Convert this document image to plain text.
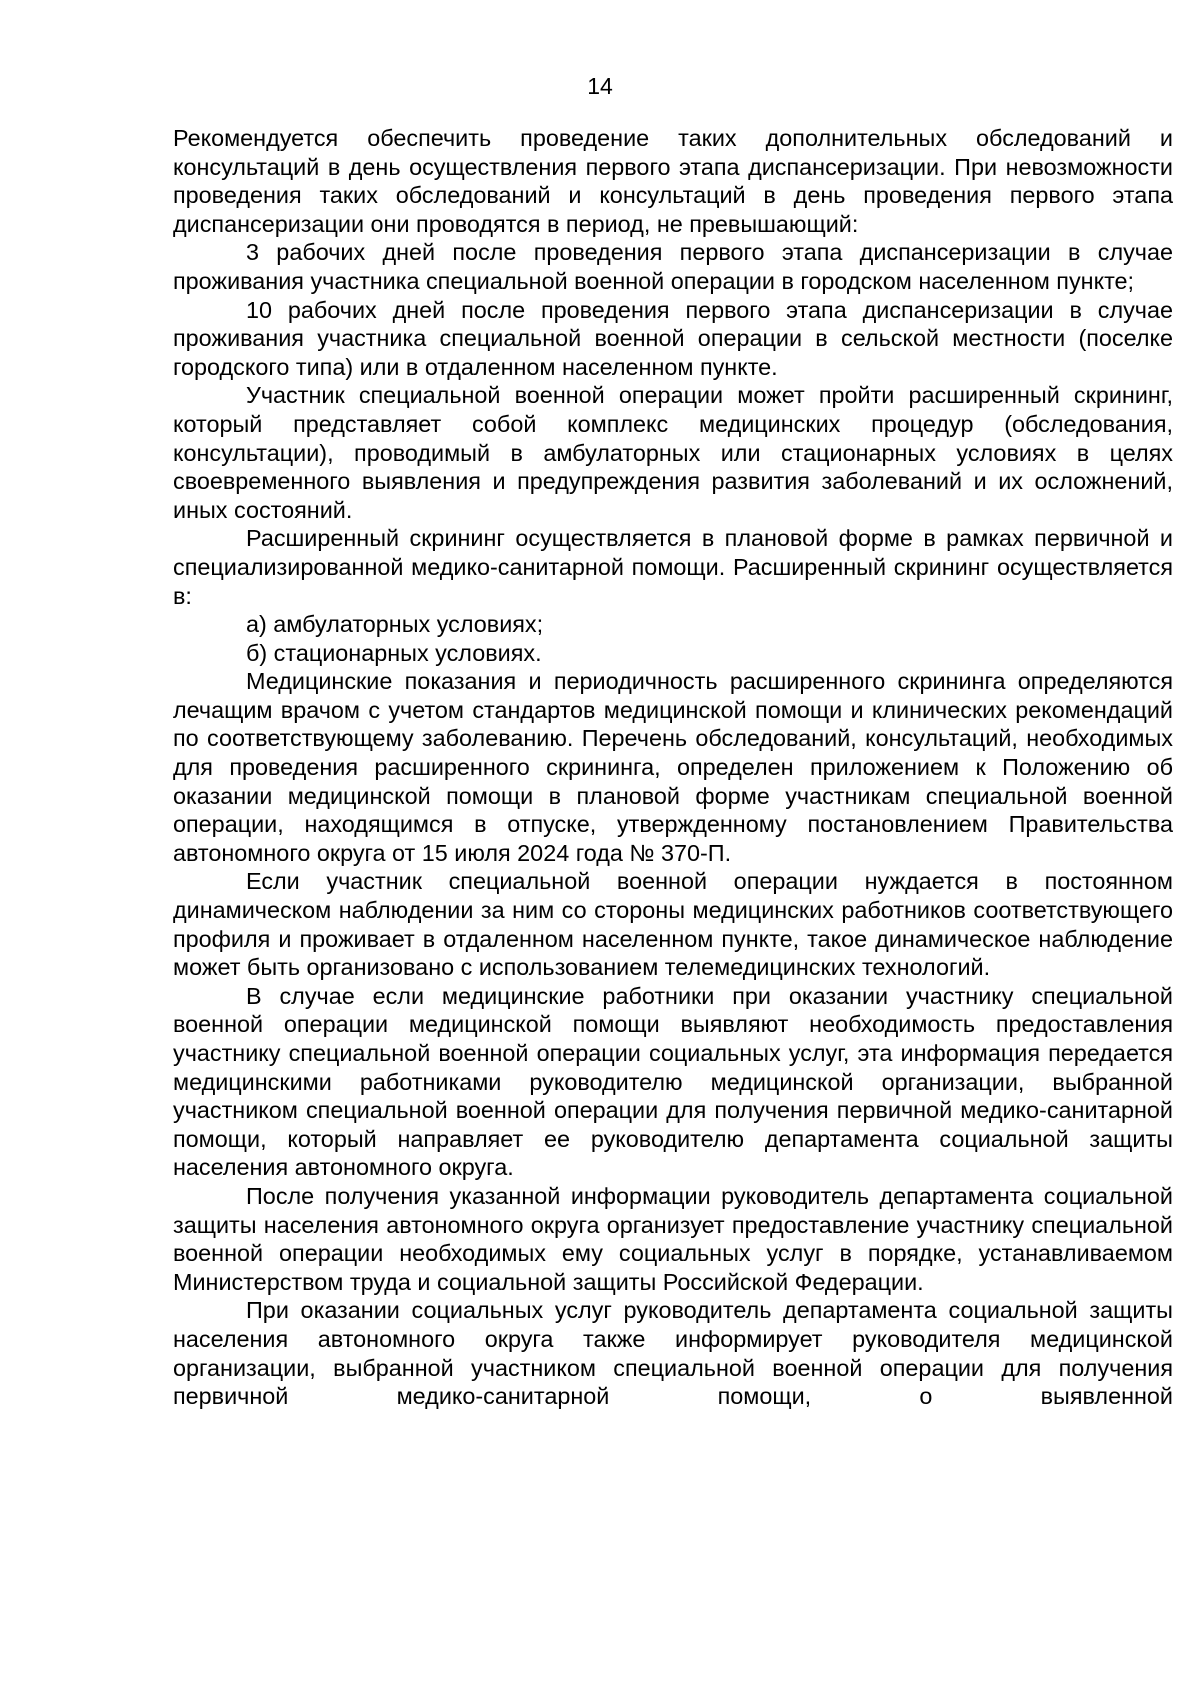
14

Рекомендуется обеспечить проведение таких дополнительных обследований и консультаций в день осуществления первого этапа диспансеризации. При невозможности проведения таких обследований и консультаций в день проведения первого этапа диспансеризации они проводятся в период, не превышающий:

3 рабочих дней после проведения первого этапа диспансеризации в случае проживания участника специальной военной операции в городском населенном пункте;

10 рабочих дней после проведения первого этапа диспансеризации в случае проживания участника специальной военной операции в сельской местности (поселке городского типа) или в отдаленном населенном пункте.

Участник специальной военной операции может пройти расширенный скрининг, который представляет собой комплекс медицинских процедур (обследования, консультации), проводимый в амбулаторных или стационарных условиях в целях своевременного выявления и предупреждения развития заболеваний и их осложнений, иных состояний.

Расширенный скрининг осуществляется в плановой форме в рамках первичной и специализированной медико-санитарной помощи. Расширенный скрининг осуществляется в:

а) амбулаторных условиях;

б) стационарных условиях.

Медицинские показания и периодичность расширенного скрининга определяются лечащим врачом с учетом стандартов медицинской помощи и клинических рекомендаций по соответствующему заболеванию. Перечень обследований, консультаций, необходимых для проведения расширенного скрининга, определен приложением к Положению об оказании медицинской помощи в плановой форме участникам специальной военной операции, находящимся в отпуске, утвержденному постановлением Правительства автономного округа от 15 июля 2024 года № 370-П.

Если участник специальной военной операции нуждается в постоянном динамическом наблюдении за ним со стороны медицинских работников соответствующего профиля и проживает в отдаленном населенном пункте, такое динамическое наблюдение может быть организовано с использованием телемедицинских технологий.

В случае если медицинские работники при оказании участнику специальной военной операции медицинской помощи выявляют необходимость предоставления участнику специальной военной операции социальных услуг, эта информация передается медицинскими работниками руководителю медицинской организации, выбранной участником специальной военной операции для получения первичной медико-санитарной помощи, который направляет ее руководителю департамента социальной защиты населения автономного округа.

После получения указанной информации руководитель департамента социальной защиты населения автономного округа организует предоставление участнику специальной военной операции необходимых ему социальных услуг в порядке, устанавливаемом Министерством труда и социальной защиты Российской Федерации.

При оказании социальных услуг руководитель департамента социальной защиты населения автономного округа также информирует руководителя медицинской организации, выбранной участником специальной военной операции для получения первичной медико-санитарной помощи, о выявленной
